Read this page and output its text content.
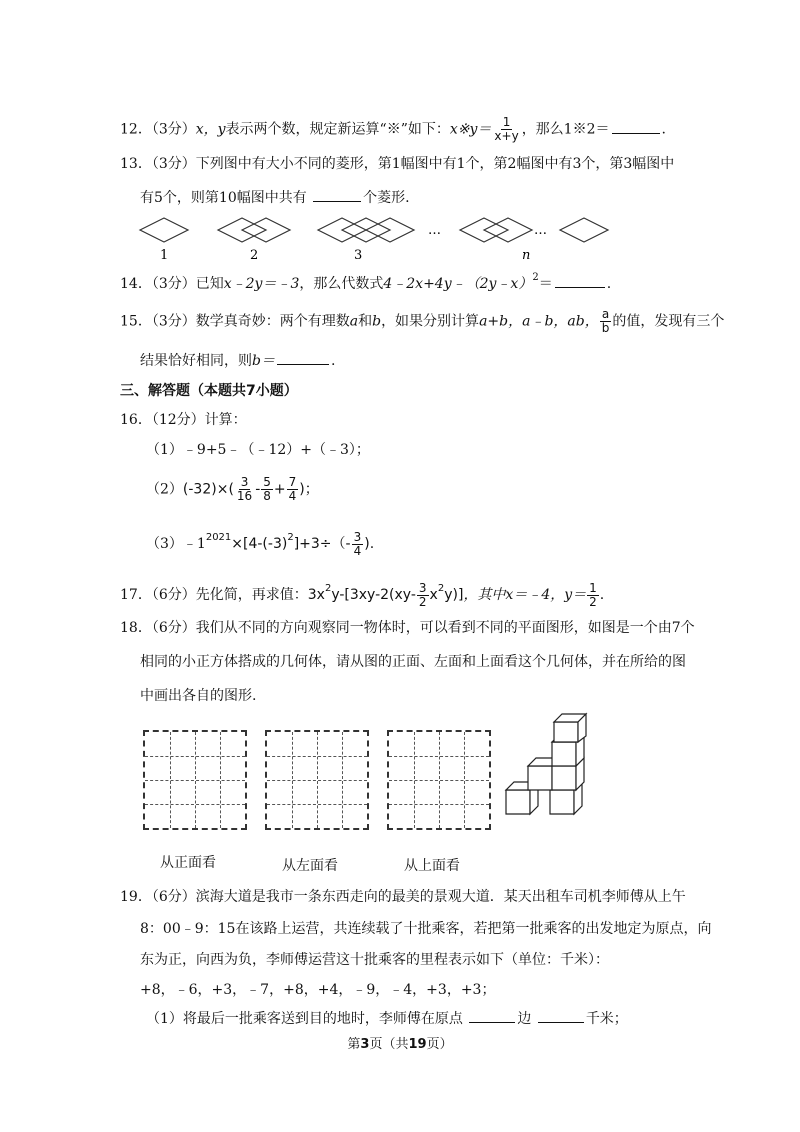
12．（3分）x，y表示两个数，规定新运算“※”如下：x※y＝ $\frac{1}{x+y}$ ，那么1※2＝	.
13．（3分）下列图中有大小不同的菱形，第1幅图中有1个，第2幅图中有3个，第3幅图中
有5个，则第10幅图中共有	个菱形.
1	2	3
…	…
n
14．（3分）已知x﹣2y＝﹣3，那么代数式4﹣2x+4y﹣（2y﹣x）$^2$＝	.
15．（3分）数学真奇妙：两个有理数a和b，如果分别计算a+b，a﹣b，ab， $\frac{a}{b}$ 的值，发现有三个
结果恰好相同，则b＝	.
三、解答题（本题共7小题）
16．（12分）计算：
（1）﹣9+5﹣（﹣12）+（﹣3）；
$(2)(-32)\times( \frac{3}{16} - \frac{5}{8} + \frac{7}{4}$ )；
$(3)﹣1^{2021}\times[4-(-3)^2]+3\div(- \frac{3}{4}$ ).
17．（6分）先化简，再求值：$3x^2y-[3xy-2(xy- \frac{3}{2} x^2y)]$，其中x＝﹣4，$y= \frac{1}{2}$ .
18．（6分）我们从不同的方向观察同一物体时，可以看到不同的平面图形，如图是一个由7个
相同的小正方体搭成的几何体，请从图的正面、左面和上面看这个几何体，并在所给的图
中画出各自的图形.
从正面看	从左面看	从上面看
19．（6分）滨海大道是我市一条东西走向的最美的景观大道．某天出租车司机李师傅从上午
8：00﹣9：15在该路上运营，共连续载了十批乘客，若把第一批乘客的出发地定为原点，向
东为正，向西为负，李师傅运营这十批乘客的里程表示如下（单位：千米）：
+8，﹣6，+3，﹣7，+8，+4，﹣9，﹣4，+3，+3；
（1）将最后一批乘客送到目的地时，李师傅在原点	边	千米；
第3页（共19页）
